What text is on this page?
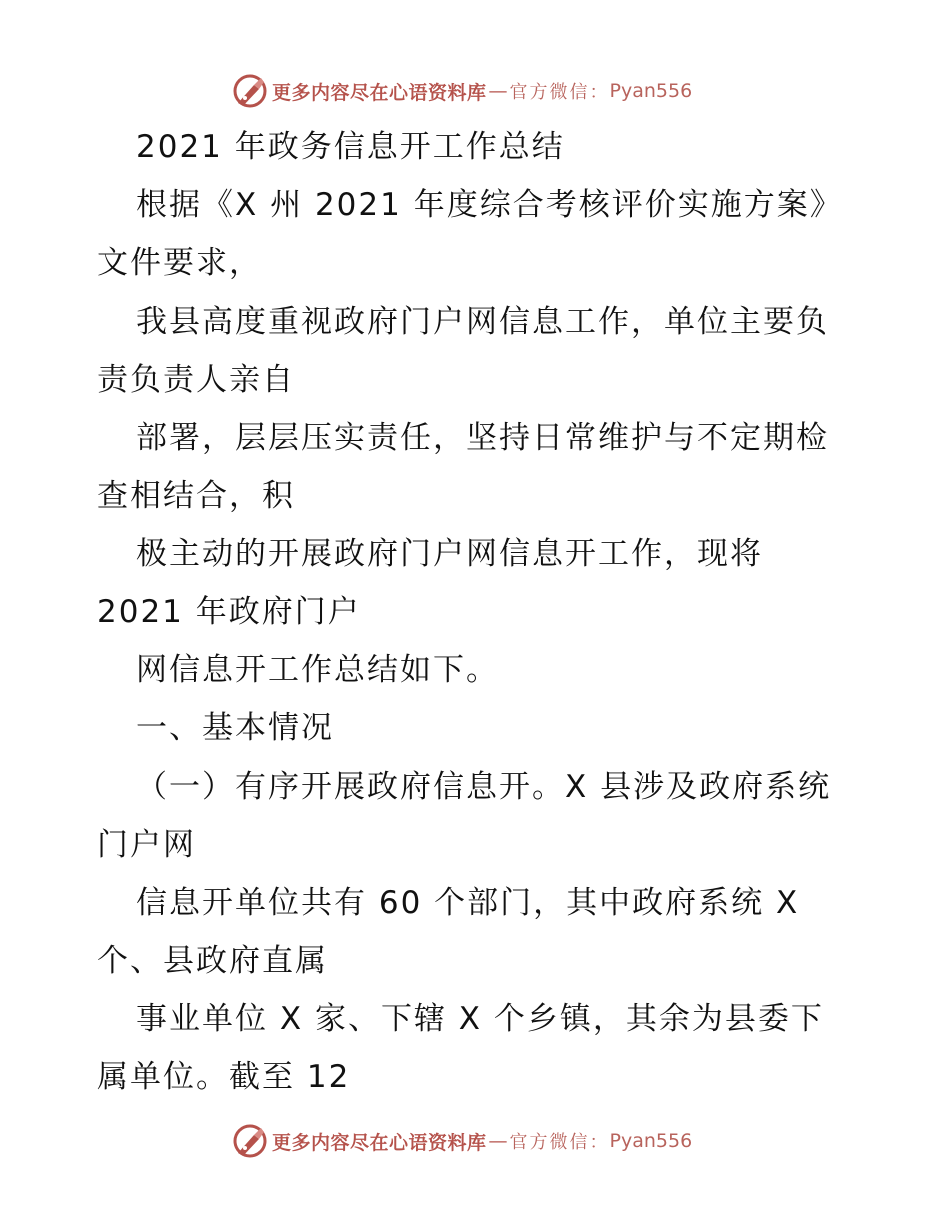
更多内容尽在心语资料库 — 官方微信： Pyan556

2021 年政务信息开工作总结

根据《X 州 2021 年度综合考核评价实施方案》

文件要求，

我县高度重视政府门户网信息工作，单位主要负

责负责人亲自

部署，层层压实责任，坚持日常维护与不定期检

查相结合，积

极主动的开展政府门户网信息开工作，现将

2021 年政府门户

网信息开工作总结如下。

一、基本情况

（一）有序开展政府信息开。X 县涉及政府系统

门户网

信息开单位共有 60 个部门，其中政府系统 X

个、县政府直属

事业单位 X 家、下辖 X 个乡镇，其余为县委下

属单位。截至 12

更多内容尽在心语资料库 — 官方微信： Pyan556
